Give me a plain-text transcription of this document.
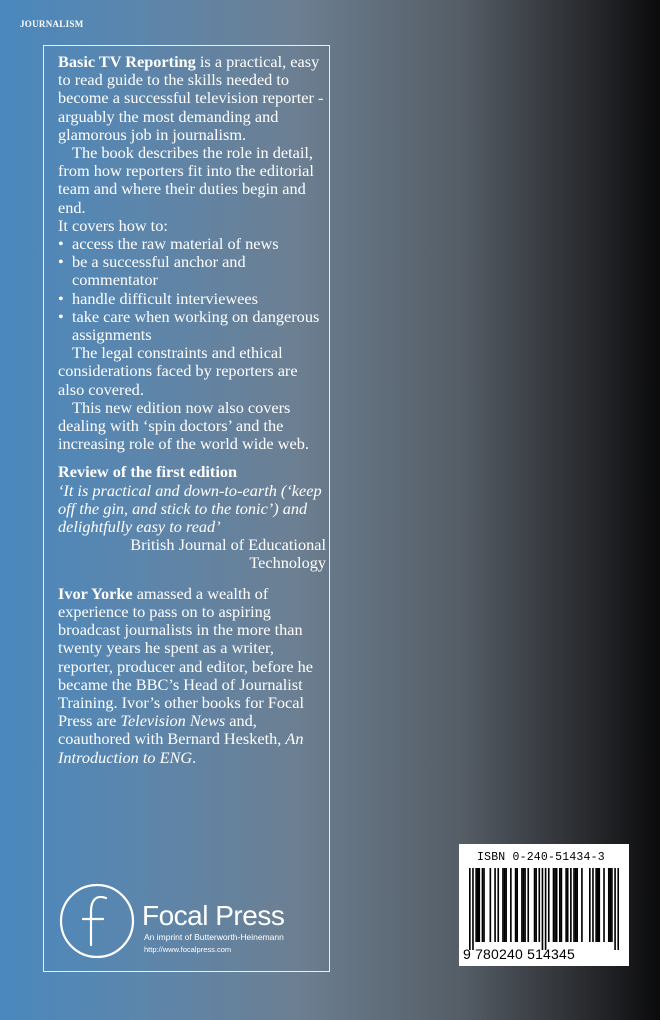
JOURNALISM

Basic TV Reporting is a practical, easy to read guide to the skills needed to become a successful television reporter - arguably the most demanding and glamorous job in journalism.

The book describes the role in detail, from how reporters fit into the editorial team and where their duties begin and end.

It covers how to:

• access the raw material of news
• be a successful anchor and commentator
• handle difficult interviewees
• take care when working on dangerous assignments

The legal constraints and ethical considerations faced by reporters are also covered.

This new edition now also covers dealing with ‘spin doctors’ and the increasing role of the world wide web.

Review of the first edition

‘It is practical and down-to-earth (‘keep off the gin, and stick to the tonic’) and delightfully easy to read’

British Journal of Educational Technology

Ivor Yorke amassed a wealth of experience to pass on to aspiring broadcast journalists in the more than twenty years he spent as a writer, reporter, producer and editor, before he became the BBC’s Head of Journalist Training. Ivor’s other books for Focal Press are Television News and, coauthored with Bernard Hesketh, An Introduction to ENG.

Focal Press
An imprint of Butterworth-Heinemann
http://www.focalpress.com
ISBN 0-240-51434-3
9 780240 514345
